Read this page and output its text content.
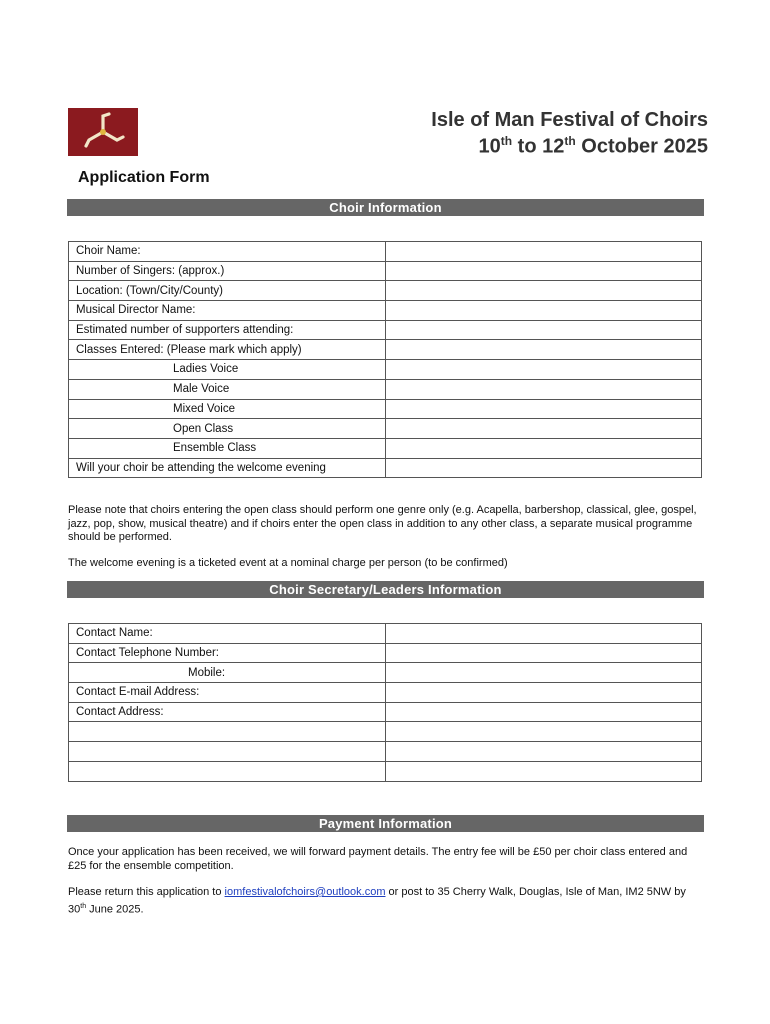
Isle of Man Festival of Choirs
10th to 12th October 2025
Application Form
Choir Information
Choir Name:	
Number of Singers: (approx.)	
Location: (Town/City/County)	
Musical Director Name:	
Estimated number of supporters attending:	
Classes Entered: (Please mark which apply)	
Ladies Voice	
Male Voice	
Mixed Voice	
Open Class	
Ensemble Class	
Will your choir be attending the welcome evening	
Please note that choirs entering the open class should perform one genre only (e.g. Acapella, barbershop, classical, glee, gospel, jazz, pop, show, musical theatre) and if choirs enter the open class in addition to any other class, a separate musical programme should be performed.
The welcome evening is a ticketed event at a nominal charge per person (to be confirmed)
Choir Secretary/Leaders Information
Contact Name:	
Contact Telephone Number:	
Mobile:	
Contact E-mail Address:	
Contact Address:	

Payment Information
Once your application has been received, we will forward payment details. The entry fee will be £50 per choir class entered and £25 for the ensemble competition.
Please return this application to iomfestivalofchoirs@outlook.com or post to 35 Cherry Walk, Douglas, Isle of Man, IM2 5NW by 30th June 2025.
